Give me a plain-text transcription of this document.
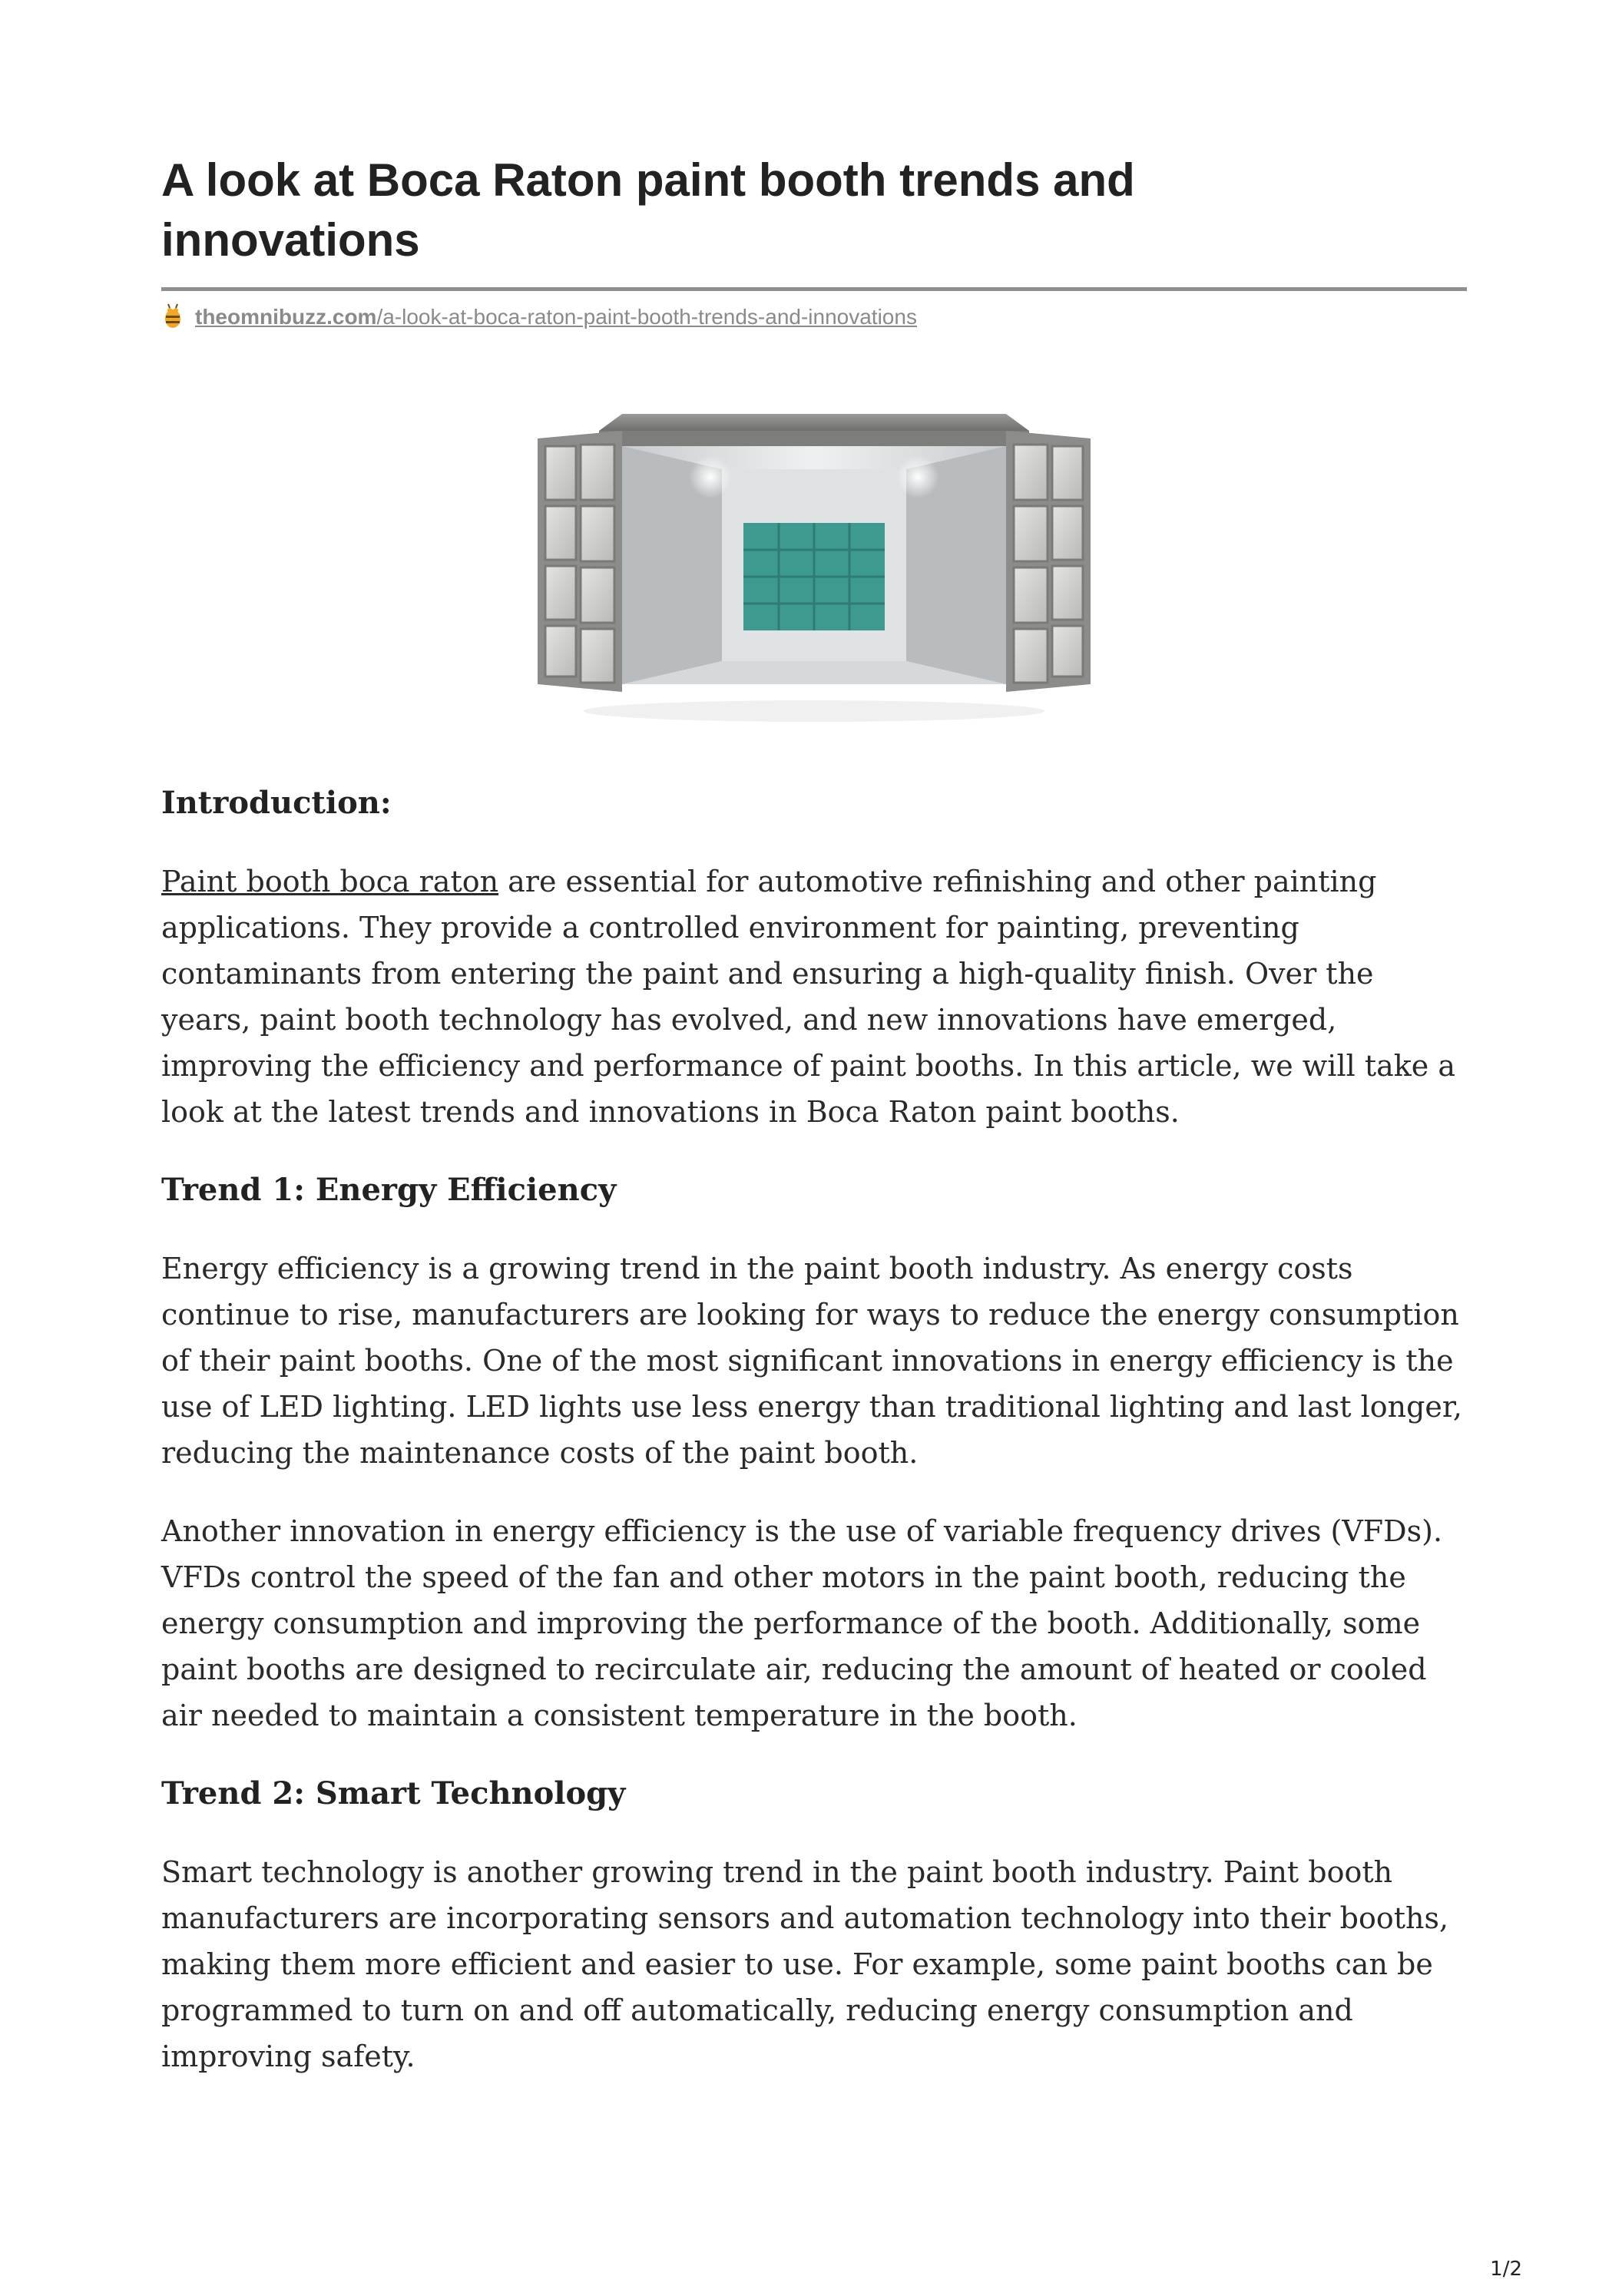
A look at Boca Raton paint booth trends and innovations
theomnibuzz.com/a-look-at-boca-raton-paint-booth-trends-and-innovations
Introduction:

Paint booth boca raton are essential for automotive refinishing and other painting applications. They provide a controlled environment for painting, preventing contaminants from entering the paint and ensuring a high-quality finish. Over the years, paint booth technology has evolved, and new innovations have emerged, improving the efficiency and performance of paint booths. In this article, we will take a look at the latest trends and innovations in Boca Raton paint booths.

Trend 1: Energy Efficiency

Energy efficiency is a growing trend in the paint booth industry. As energy costs continue to rise, manufacturers are looking for ways to reduce the energy consumption of their paint booths. One of the most significant innovations in energy efficiency is the use of LED lighting. LED lights use less energy than traditional lighting and last longer, reducing the maintenance costs of the paint booth.

Another innovation in energy efficiency is the use of variable frequency drives (VFDs). VFDs control the speed of the fan and other motors in the paint booth, reducing the energy consumption and improving the performance of the booth. Additionally, some paint booths are designed to recirculate air, reducing the amount of heated or cooled air needed to maintain a consistent temperature in the booth.

Trend 2: Smart Technology

Smart technology is another growing trend in the paint booth industry. Paint booth manufacturers are incorporating sensors and automation technology into their booths, making them more efficient and easier to use. For example, some paint booths can be programmed to turn on and off automatically, reducing energy consumption and improving safety.

1/2
